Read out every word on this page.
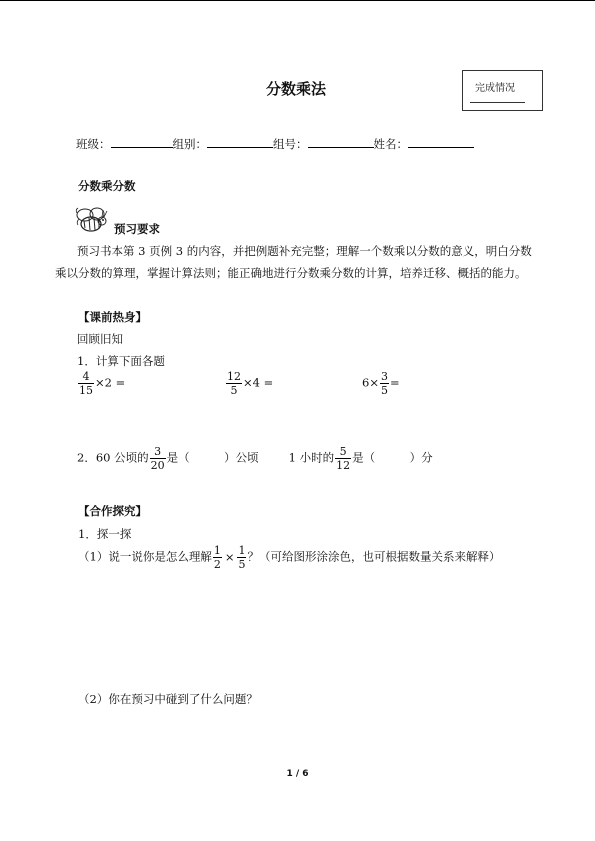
分数乘法	完成情况
班级：	组别：	组号：	姓名：
分数乘分数
预习要求
预习书本第 3 页例 3 的内容，并把例题补充完整；理解一个数乘以分数的意义，明白分数乘以分数的算理，掌握计算法则；能正确地进行分数乘分数的计算，培养迁移、概括的能力。
【课前热身】
回顾旧知
1．计算下面各题
$\frac{4}{15} \times 2$ =	$\frac{12}{5} \times 4$ =	$6\times \frac{3}{5}$ =
2．60 公顷的 $\frac{3}{20}$ 是（　　　）公顷	1 小时的 $\frac{5}{12}$ 是（　　　）分
【合作探究】
1．探一探
（1）说一说你是怎么理解 $\frac{1}{2} \times \frac{1}{5}$ ？（可给图形涂涂色，也可根据数量关系来解释）
（2）你在预习中碰到了什么问题？
1 / 6
